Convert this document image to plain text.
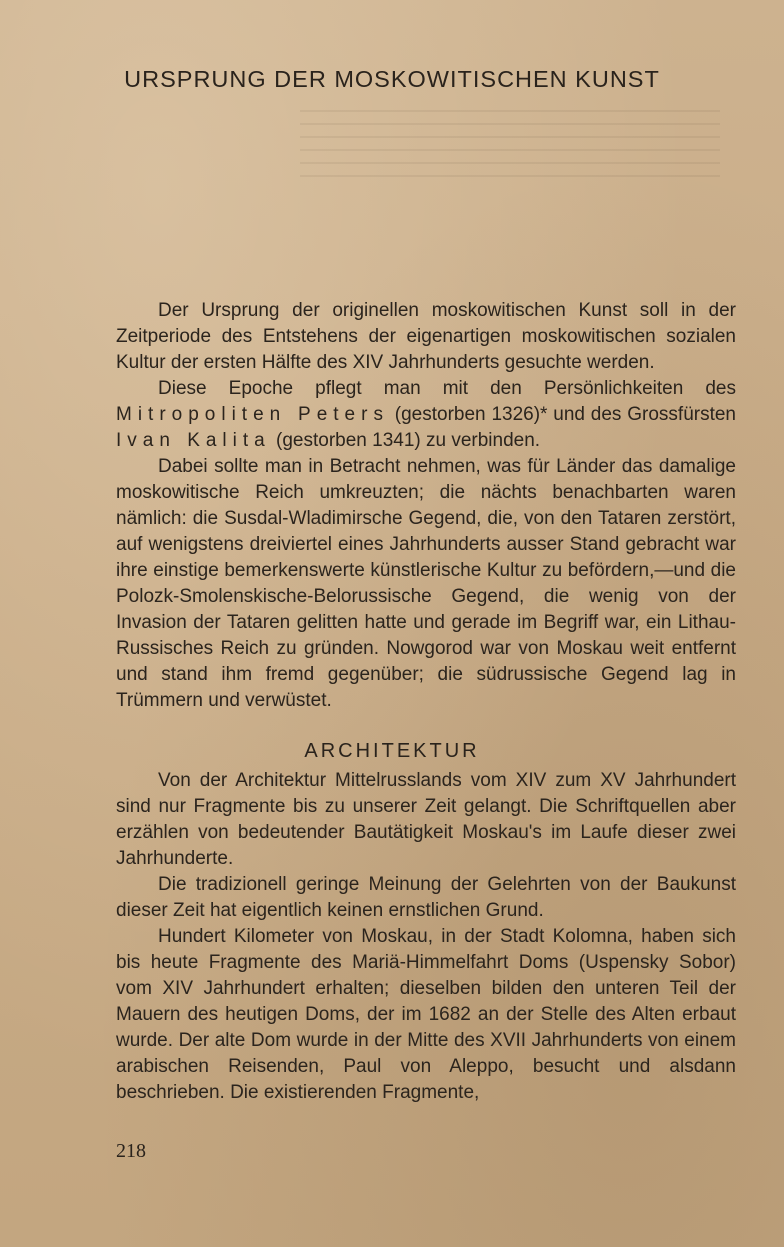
URSPRUNG DER MOSKOWITISCHEN KUNST

Der Ursprung der originellen moskowitischen Kunst soll in der Zeitperiode des Entstehens der eigenartigen moskowitischen sozialen Kultur der ersten Hälfte des XIV Jahrhunderts gesuchte werden.

Diese Epoche pflegt man mit den Persönlichkeiten des Mitropoliten Peters (gestorben 1326)* und des Grossfürsten Ivan Kalita (gestorben 1341) zu verbinden.

Dabei sollte man in Betracht nehmen, was für Länder das damalige moskowitische Reich umkreuzten; die nächts benachbarten waren nämlich: die Susdal-Wladimirsche Gegend, die, von den Tataren zerstört, auf wenigstens dreiviertel eines Jahrhunderts ausser Stand gebracht war ihre einstige bemerkenswerte künstlerische Kultur zu befördern,—und die Polozk-Smolenskische-Belorussische Gegend, die wenig von der Invasion der Tataren gelitten hatte und gerade im Begriff war, ein Lithau-Russisches Reich zu gründen. Nowgorod war von Moskau weit entfernt und stand ihm fremd gegenüber; die südrussische Gegend lag in Trümmern und verwüstet.

ARCHITEKTUR

Von der Architektur Mittelrusslands vom XIV zum XV Jahrhundert sind nur Fragmente bis zu unserer Zeit gelangt. Die Schriftquellen aber erzählen von bedeutender Bautätigkeit Moskau's im Laufe dieser zwei Jahrhunderte.

Die tradizionell geringe Meinung der Gelehrten von der Baukunst dieser Zeit hat eigentlich keinen ernstlichen Grund.

Hundert Kilometer von Moskau, in der Stadt Kolomna, haben sich bis heute Fragmente des Mariä-Himmelfahrt Doms (Uspensky Sobor) vom XIV Jahrhundert erhalten; dieselben bilden den unteren Teil der Mauern des heutigen Doms, der im 1682 an der Stelle des Alten erbaut wurde. Der alte Dom wurde in der Mitte des XVII Jahrhunderts von einem arabischen Reisenden, Paul von Aleppo, besucht und alsdann beschrieben. Die existierenden Fragmente,

218
